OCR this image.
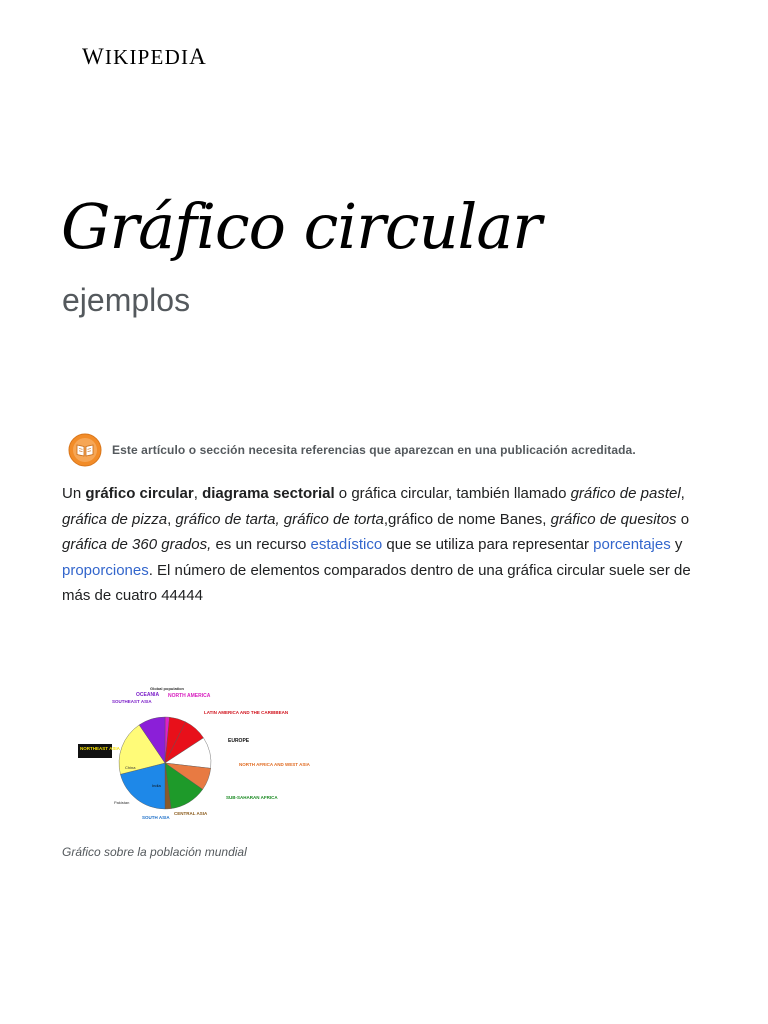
WIKIPEDIA
Gráfico circular
ejemplos
Este artículo o sección necesita referencias que aparezcan en una publicación acreditada.

Un gráfico circular, diagrama sectorial o gráfica circular, también llamado gráfico de pastel, gráfica de pizza, gráfico de tarta, gráfico de torta,gráfico de nome Banes, gráfico de quesitos o gráfica de 360 grados, es un recurso estadístico que se utiliza para representar porcentajes y proporciones. El número de elementos comparados dentro de una gráfica circular suele ser de más de cuatro 44444

Global population
OCEANIA NORTH AMERICA
SOUTHEAST ASIA
LATIN AMERICA AND THE CARIBBEAN
EUROPE
NORTHEAST ASIA
NORTH AFRICA AND WEST ASIA
SUB-SAHARAN AFRICA
CENTRAL ASIA
SOUTH ASIA
China
India
Pakistan
Gráfico sobre la población mundial
